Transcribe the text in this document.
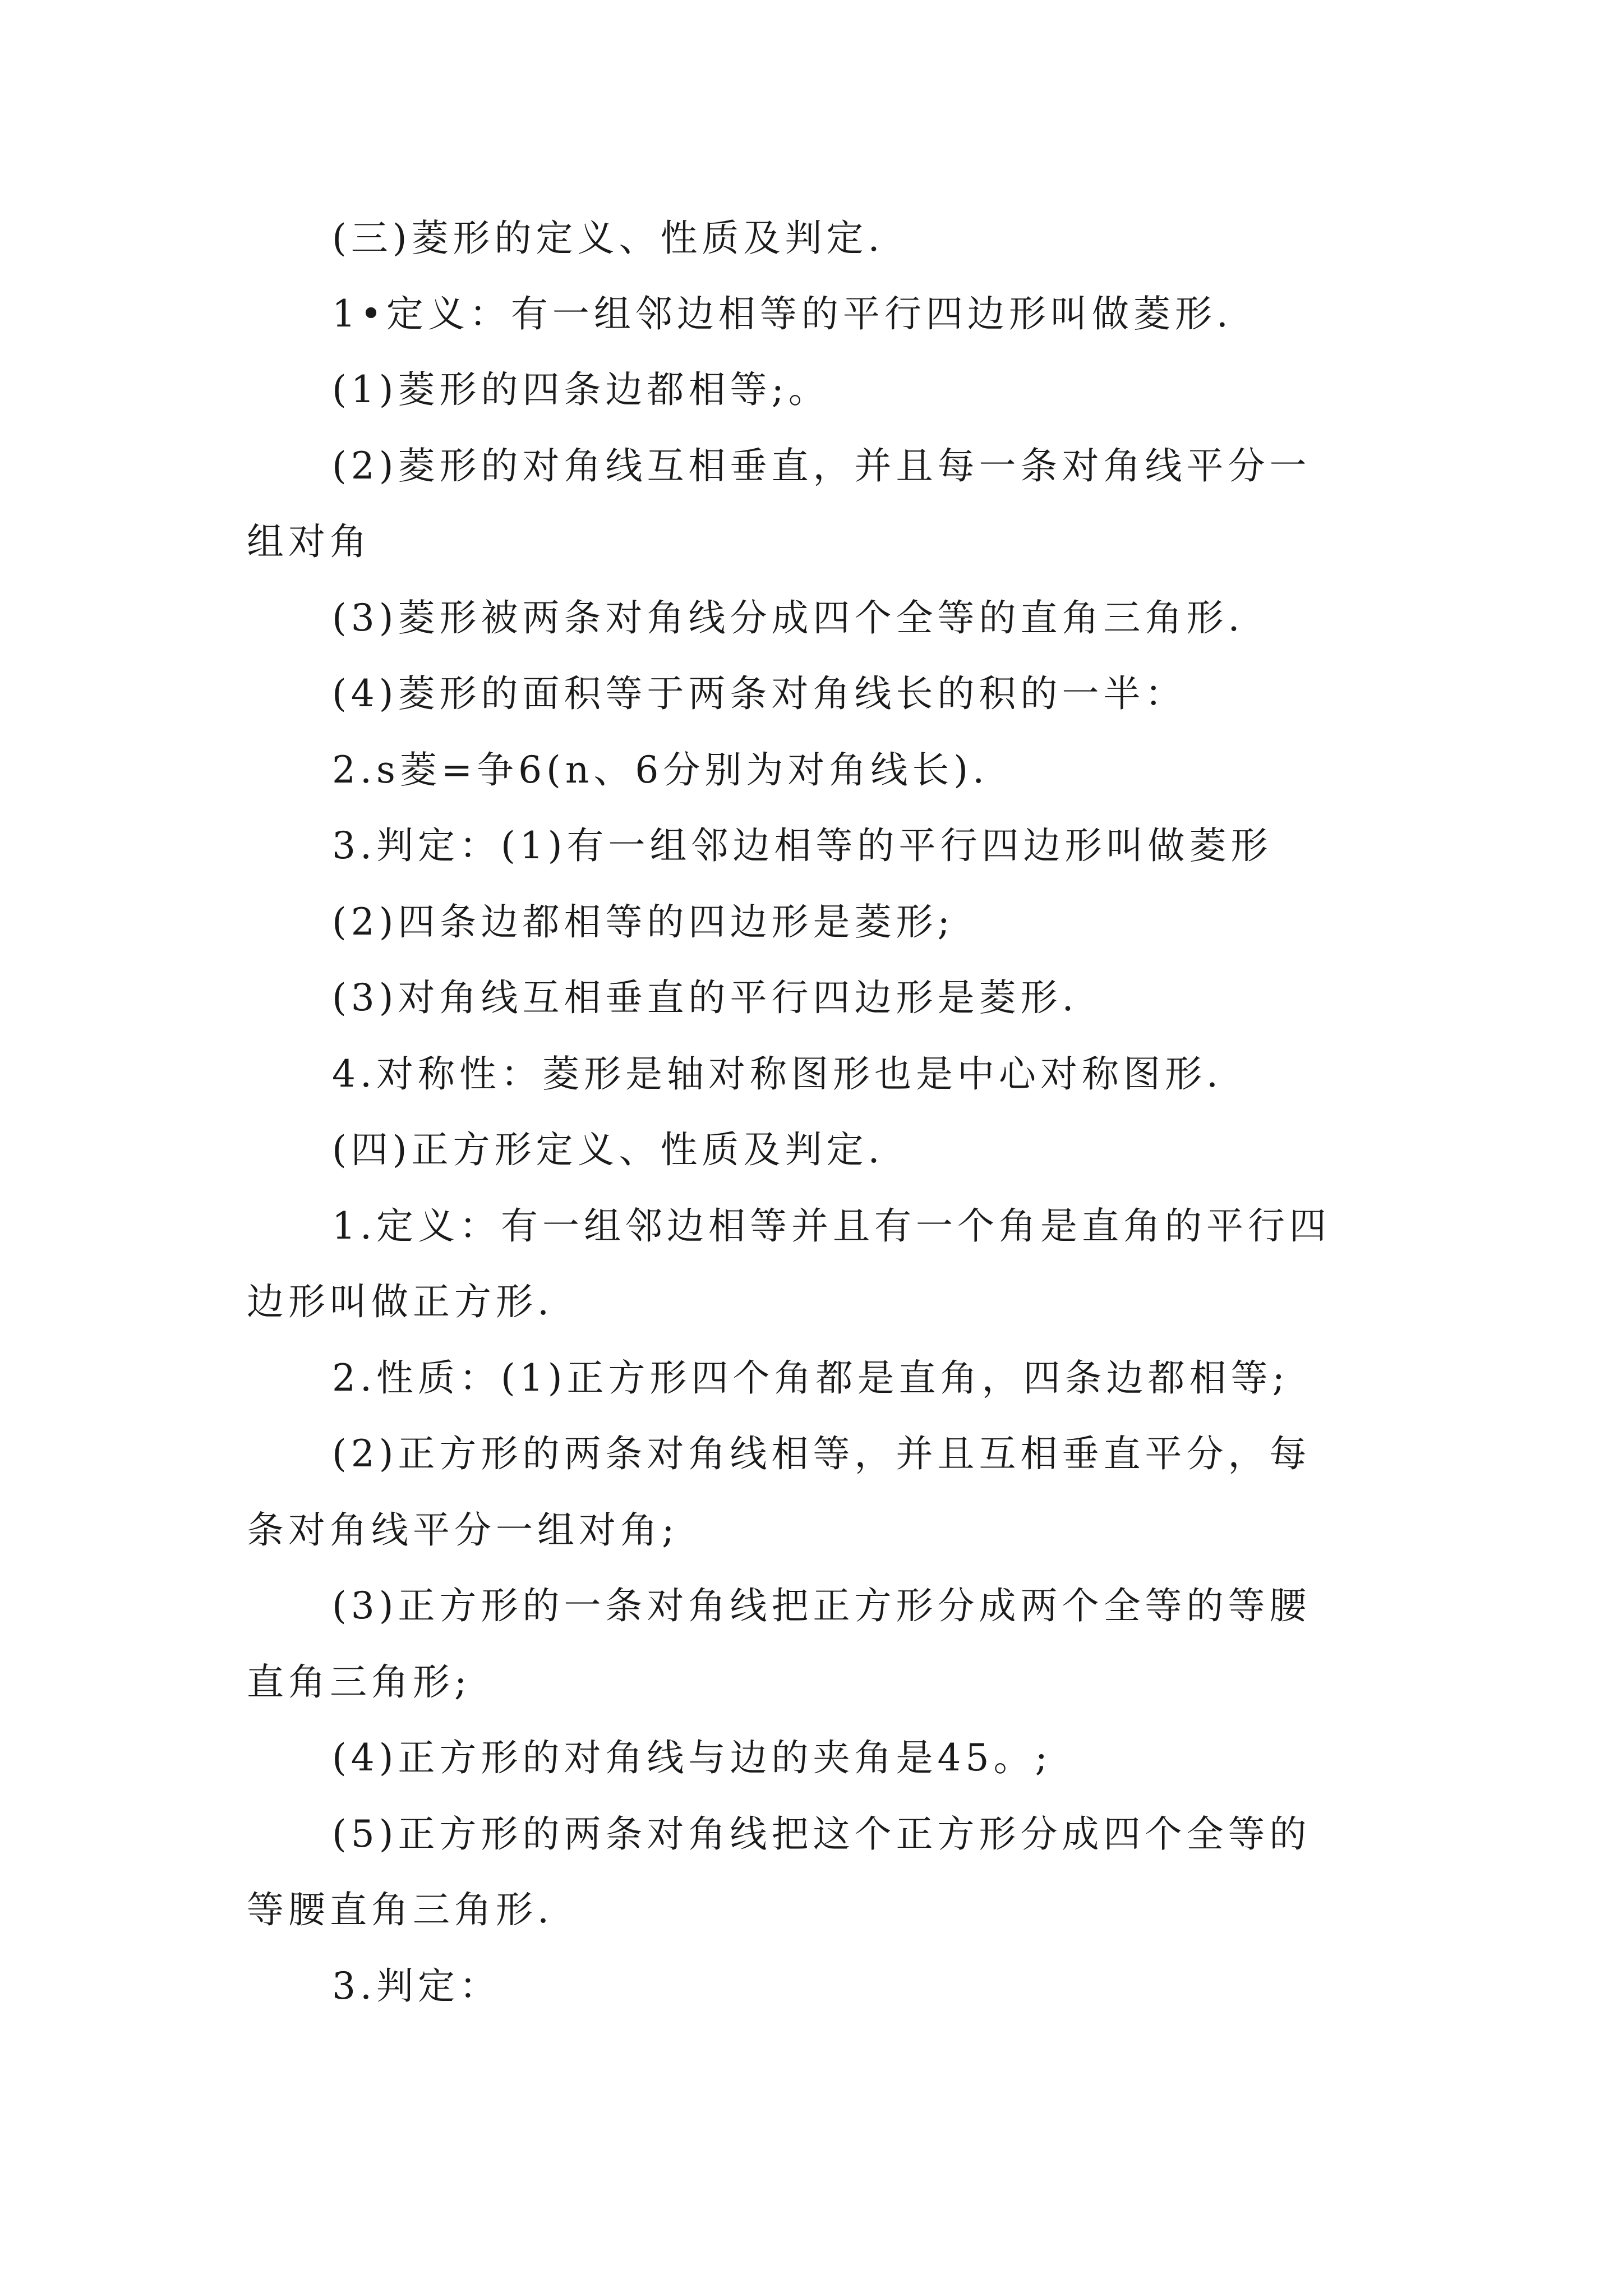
(三)菱形的定义、性质及判定.
1•定义：有一组邻边相等的平行四边形叫做菱形.
(1)菱形的四条边都相等;。
(2)菱形的对角线互相垂直，并且每一条对角线平分一
组对角
(3)菱形被两条对角线分成四个全等的直角三角形.
(4)菱形的面积等于两条对角线长的积的一半：
2.s菱=争6(n、6分别为对角线长).
3.判定：(1)有一组邻边相等的平行四边形叫做菱形
(2)四条边都相等的四边形是菱形;
(3)对角线互相垂直的平行四边形是菱形.
4.对称性：菱形是轴对称图形也是中心对称图形.
(四)正方形定义、性质及判定.
1.定义：有一组邻边相等并且有一个角是直角的平行四
边形叫做正方形.
2.性质：(1)正方形四个角都是直角，四条边都相等;
(2)正方形的两条对角线相等，并且互相垂直平分，每
条对角线平分一组对角;
(3)正方形的一条对角线把正方形分成两个全等的等腰
直角三角形;
(4)正方形的对角线与边的夹角是45。;
(5)正方形的两条对角线把这个正方形分成四个全等的
等腰直角三角形.
3.判定：
